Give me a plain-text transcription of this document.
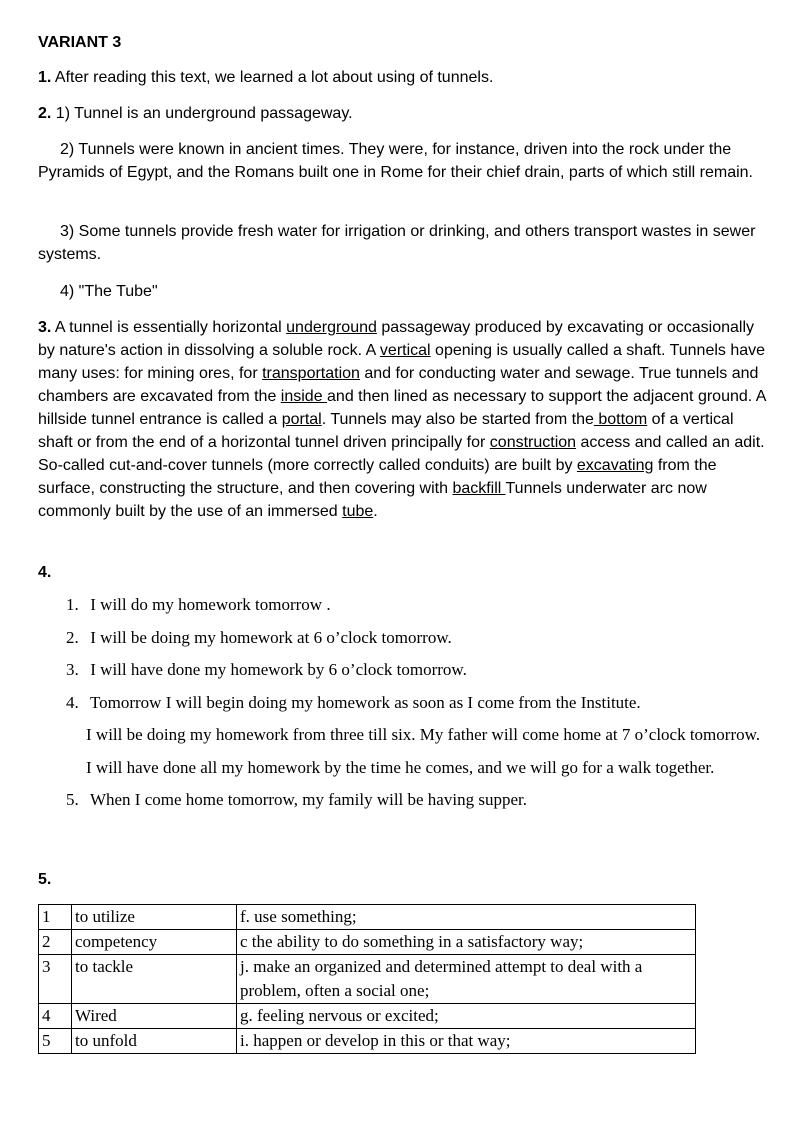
VARIANT 3

1. After reading this text, we learned a lot about using of tunnels.

2. 1) Tunnel is an underground passageway.

2) Tunnels were known in ancient times. They were, for instance, driven into the rock under the Pyramids of Egypt, and the Romans built one in Rome for their chief drain, parts of which still remain.

3) Some tunnels provide fresh water for irrigation or drinking, and others transport wastes in sewer systems.

4) "The Tube"

3. A tunnel is essentially horizontal underground passageway produced by excavating or occasionally by nature's action in dissolving a soluble rock. A vertical opening is usually called a shaft. Tunnels have many uses: for mining ores, for transportation and for conducting water and sewage. True tunnels and chambers are excavated from the inside and then lined as necessary to support the adjacent ground. A hillside tunnel entrance is called a portal. Tunnels may also be started from the bottom of a vertical shaft or from the end of a horizontal tunnel driven principally for construction access and called an adit. So-called cut-and-cover tunnels (more correctly called conduits) are built by excavating from the surface, constructing the structure, and then covering with backfill Tunnels underwater arc now commonly built by the use of an immersed tube.

4.

1. I will do my homework tomorrow .
2. I will be doing my homework at 6 o’clock tomorrow.
3. I will have done my homework by 6 o’clock tomorrow.
4. Tomorrow I will begin doing my homework as soon as I come from the Institute.
I will be doing my homework from three till six. My father will come home at 7 o’clock tomorrow. I will have done all my homework by the time he comes, and we will go for a walk together.
5. When I come home tomorrow, my family will be having supper.

5.

1	to utilize	f. use something;
2	competency	c the ability to do something in a satisfactory way;
3	to tackle	j. make an organized and determined attempt to deal with a problem, often a social one;
4	Wired	g. feeling nervous or excited;
5	to unfold	i. happen or develop in this or that way;
